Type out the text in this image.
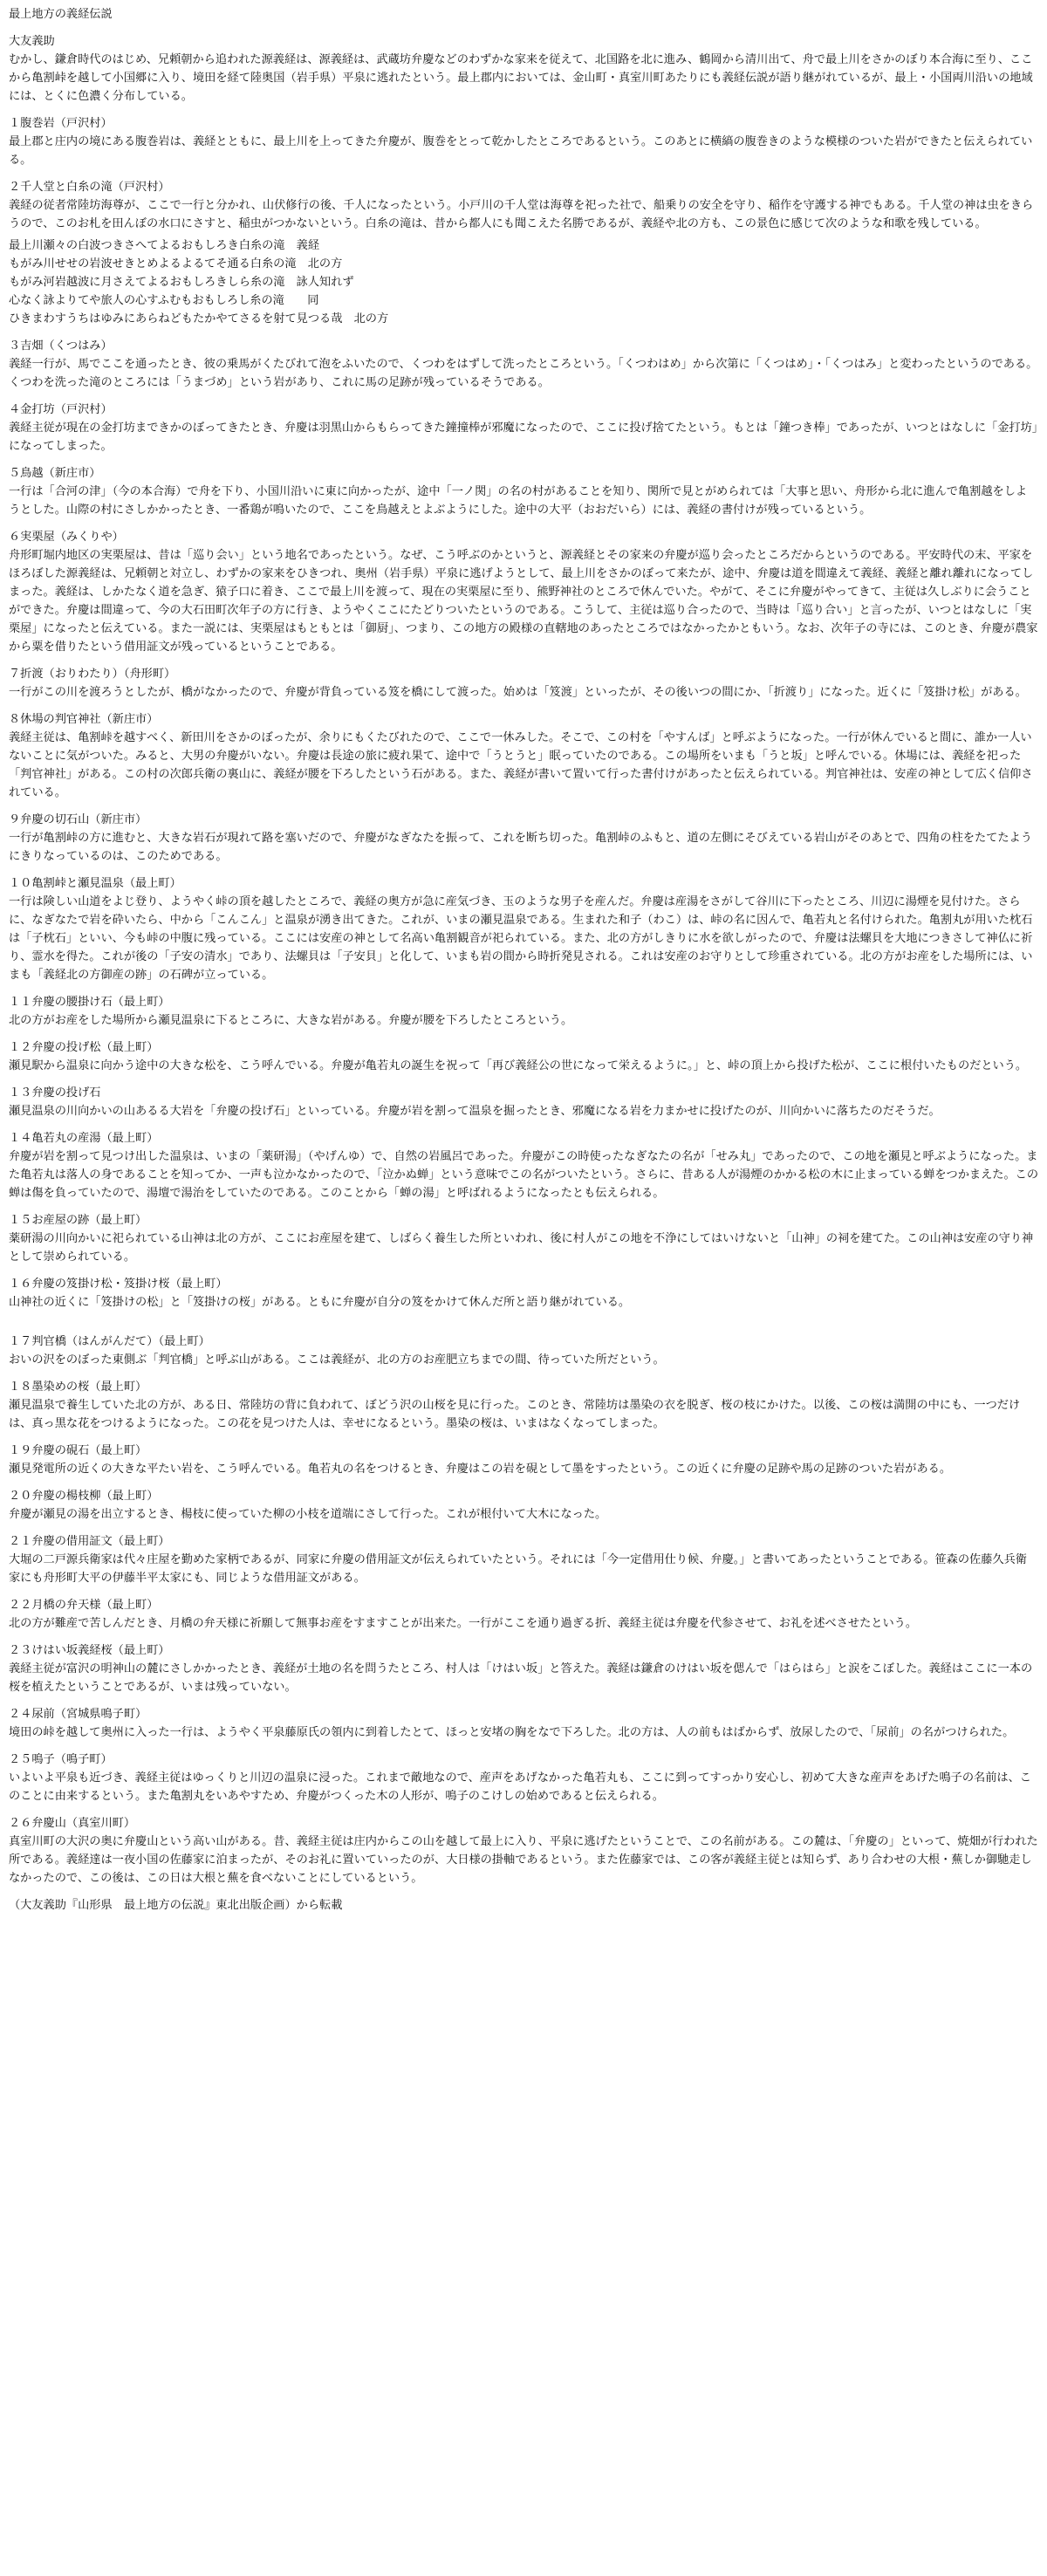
最上地方の義経伝説
大友義助

むかし、鎌倉時代のはじめ、兄頼朝から追われた源義経は、源義経は、武蔵坊弁慶などのわずかな家来を従えて、北国路を北に進み、鶴岡から清川出て、舟で最上川をさかのぼり本合海に至り、ここから亀割峠を越して小国郷に入り、境田を経て陸奥国（岩手県）平泉に逃れたという。最上郡内においては、金山町・真室川町あたりにも義経伝説が語り継がれているが、最上・小国両川沿いの地域には、とくに色濃く分布している。

１腹巻岩（戸沢村）

最上郡と庄内の境にある腹巻岩は、義経とともに、最上川を上ってきた弁慶が、腹巻をとって乾かしたところであるという。このあとに横縞の腹巻きのような模様のついた岩ができたと伝えられている。

２千人堂と白糸の滝（戸沢村）

義経の従者常陸坊海尊が、ここで一行と分かれ、山伏修行の後、千人になったという。小戸川の千人堂は海尊を祀った社で、船乗りの安全を守り、稲作を守護する神でもある。千人堂の神は虫をきらうので、このお札を田んぼの水口にさすと、稲虫がつかないという。白糸の滝は、昔から都人にも聞こえた名勝であるが、義経や北の方も、この景色に感じて次のような和歌を残している。

最上川瀬々の白波つきさへてよるおもしろき白糸の滝　義経

もがみ川せせの岩波せきとめよるよるてそ通る白糸の滝　北の方

もがみ河岩越波に月さえてよるおもしろきしら糸の滝　詠人知れず

心なく詠よりてや旅人の心すふむもおもしろし糸の滝　　同

ひきまわすうちはゆみにあらねどもたかやてさるを射て見つる哉　北の方

３吉畑（くつはみ）

義経一行が、馬でここを通ったとき、彼の乗馬がくたびれて泡をふいたので、くつわをはずして洗ったところという。「くつわはめ」から次第に「くつはめ」・「くつはみ」と変わったというのである。くつわを洗った滝のところには「うまづめ」という岩があり、これに馬の足跡が残っているそうである。

４金打坊（戸沢村）

義経主従が現在の金打坊まできかのぼってきたとき、弁慶は羽黒山からもらってきた鐘撞棒が邪魔になったので、ここに投げ捨てたという。もとは「鐘つき棒」であったが、いつとはなしに「金打坊」になってしまった。

５鳥越（新庄市）

一行は「合河の津」（今の本合海）で舟を下り、小国川沿いに東に向かったが、途中「一ノ関」の名の村があることを知り、関所で見とがめられては「大事と思い、舟形から北に進んで亀割越をしようとした。山際の村にさしかかったとき、一番鶏が鳴いたので、ここを鳥越えとよぶようにした。途中の大平（おおだいら）には、義経の書付けが残っているという。

６実栗屋（みくりや）

舟形町堀内地区の実栗屋は、昔は「巡り会い」という地名であったという。なぜ、こう呼ぶのかというと、源義経とその家来の弁慶が巡り会ったところだからというのである。平安時代の末、平家をほろぼした源義経は、兄頼朝と対立し、わずかの家来をひきつれ、奥州（岩手県）平泉に逃げようとして、最上川をさかのぼって来たが、途中、弁慶は道を間違えて義経、義経と離れ離れになってしまった。義経は、しかたなく道を急ぎ、猿子口に着き、ここで最上川を渡って、現在の実栗屋に至り、熊野神社のところで休んでいた。やがて、そこに弁慶がやってきて、主従は久しぶりに会うことができた。弁慶は間違って、今の大石田町次年子の方に行き、ようやくここにたどりついたというのである。こうして、主従は巡り合ったので、当時は「巡り合い」と言ったが、いつとはなしに「実栗屋」になったと伝えている。また一説には、実栗屋はもともとは「御厨」、つまり、この地方の殿様の直轄地のあったところではなかったかともいう。なお、次年子の寺には、このとき、弁慶が農家から粟を借りたという借用証文が残っているということである。

７折渡（おりわたり）（舟形町）

一行がこの川を渡ろうとしたが、橋がなかったので、弁慶が背負っている笈を橋にして渡った。始めは「笈渡」といったが、その後いつの間にか、「折渡り」になった。近くに「笈掛け松」がある。

８休場の判官神社（新庄市）

義経主従は、亀割峠を越すべく、新田川をさかのぼったが、余りにもくたびれたので、ここで一休みした。そこで、この村を「やすんば」と呼ぶようになった。一行が休んでいると間に、誰か一人いないことに気がついた。みると、大男の弁慶がいない。弁慶は長途の旅に疲れ果て、途中で「うとうと」眠っていたのである。この場所をいまも「うと坂」と呼んでいる。休場には、義経を祀った「判官神社」がある。この村の次郎兵衛の裏山に、義経が腰を下ろしたという石がある。また、義経が書いて置いて行った書付けがあったと伝えられている。判官神社は、安産の神として広く信仰されている。

９弁慶の切石山（新庄市）

一行が亀割峠の方に進むと、大きな岩石が現れて路を塞いだので、弁慶がなぎなたを振って、これを断ち切った。亀割峠のふもと、道の左側にそびえている岩山がそのあとで、四角の柱をたてたようにきりなっているのは、このためである。

１０亀割峠と瀬見温泉（最上町）

一行は険しい山道をよじ登り、ようやく峠の頂を越したところで、義経の奥方が急に産気づき、玉のような男子を産んだ。弁慶は産湯をさがして谷川に下ったところ、川辺に湯煙を見付けた。さらに、なぎなたで岩を砕いたら、中から「こんこん」と温泉が湧き出てきた。これが、いまの瀬見温泉である。生まれた和子（わこ）は、峠の名に因んで、亀若丸と名付けられた。亀割丸が用いた枕石は「子枕石」といい、今も峠の中腹に残っている。ここには安産の神として名高い亀割観音が祀られている。また、北の方がしきりに水を欲しがったので、弁慶は法螺貝を大地につきさして神仏に祈り、霊水を得た。これが後の「子安の清水」であり、法螺貝は「子安貝」と化して、いまも岩の間から時折発見される。これは安産のお守りとして珍重されている。北の方がお産をした場所には、いまも「義経北の方御産の跡」の石碑が立っている。

１１弁慶の腰掛け石（最上町）

北の方がお産をした場所から瀬見温泉に下るところに、大きな岩がある。弁慶が腰を下ろしたところという。

１２弁慶の投げ松（最上町）

瀬見駅から温泉に向かう途中の大きな松を、こう呼んでいる。弁慶が亀若丸の誕生を祝って「再び義経公の世になって栄えるように。」と、峠の頂上から投げた松が、ここに根付いたものだという。

１３弁慶の投げ石

瀬見温泉の川向かいの山あるる大岩を「弁慶の投げ石」といっている。弁慶が岩を割って温泉を掘ったとき、邪魔になる岩を力まかせに投げたのが、川向かいに落ちたのだそうだ。

１４亀若丸の産湯（最上町）

弁慶が岩を割って見つけ出した温泉は、いまの「薬研湯」（やげんゆ）で、自然の岩風呂であった。弁慶がこの時使ったなぎなたの名が「せみ丸」であったので、この地を瀬見と呼ぶようになった。また亀若丸は落人の身であることを知ってか、一声も泣かなかったので、「泣かぬ蝉」という意味でこの名がついたという。さらに、昔ある人が湯煙のかかる松の木に止まっている蝉をつかまえた。この蝉は傷を負っていたので、湯壇で湯治をしていたのである。このことから「蝉の湯」と呼ばれるようになったとも伝えられる。

１５お産屋の跡（最上町）

薬研湯の川向かいに祀られている山神は北の方が、ここにお産屋を建て、しばらく養生した所といわれ、後に村人がこの地を不浄にしてはいけないと「山神」の祠を建てた。この山神は安産の守り神として崇められている。

１６弁慶の笈掛け松・笈掛け桜（最上町）

山神社の近くに「笈掛けの松」と「笈掛けの桜」がある。ともに弁慶が自分の笈をかけて休んだ所と語り継がれている。

１７判官橋（はんがんだて）（最上町）

おいの沢をのぼった東側ぶ「判官橋」と呼ぶ山がある。ここは義経が、北の方のお産肥立ちまでの間、待っていた所だという。

１８墨染めの桜（最上町）

瀬見温泉で養生していた北の方が、ある日、常陸坊の背に負われて、ぼどう沢の山桜を見に行った。このとき、常陸坊は墨染の衣を脱ぎ、桜の枝にかけた。以後、この桜は満開の中にも、一つだけは、真っ黒な花をつけるようになった。この花を見つけた人は、幸せになるという。墨染の桜は、いまはなくなってしまった。

１９弁慶の硯石（最上町）

瀬見発電所の近くの大きな平たい岩を、こう呼んでいる。亀若丸の名をつけるとき、弁慶はこの岩を硯として墨をすったという。この近くに弁慶の足跡や馬の足跡のついた岩がある。

２０弁慶の楊枝柳（最上町）

弁慶が瀬見の湯を出立するとき、楊枝に使っていた柳の小枝を道端にさして行った。これが根付いて大木になった。

２１弁慶の借用証文（最上町）

大堀の二戸源兵衛家は代々庄屋を勤めた家柄であるが、同家に弁慶の借用証文が伝えられていたという。それには「今一定借用仕り候、弁慶。」と書いてあったということである。笹森の佐藤久兵衛家にも舟形町大平の伊藤半平太家にも、同じような借用証文がある。

２２月橋の弁天様（最上町）

北の方が難産で苦しんだとき、月橋の弁天様に祈願して無事お産をすますことが出来た。一行がここを通り過ぎる折、義経主従は弁慶を代参させて、お礼を述べさせたという。

２３けはい坂義経桜（最上町）

義経主従が富沢の明神山の麓にさしかかったとき、義経が土地の名を問うたところ、村人は「けはい坂」と答えた。義経は鎌倉のけはい坂を偲んで「はらはら」と涙をこぼした。義経はここに一本の桜を植えたということであるが、いまは残っていない。

２４尿前（宮城県鳴子町）

境田の峠を越して奥州に入った一行は、ようやく平泉藤原氏の領内に到着したとて、ほっと安堵の胸をなで下ろした。北の方は、人の前もはばからず、放尿したので、「尿前」の名がつけられた。

２５鳴子（鳴子町）

いよいよ平泉も近づき、義経主従はゆっくりと川辺の温泉に浸った。これまで敵地なので、産声をあげなかった亀若丸も、ここに到ってすっかり安心し、初めて大きな産声をあげた鳴子の名前は、このことに由来するという。また亀割丸をいあやすため、弁慶がつくった木の人形が、鳴子のこけしの始めであると伝えられる。

２６弁慶山（真室川町）

真室川町の大沢の奥に弁慶山という高い山がある。昔、義経主従は庄内からこの山を越して最上に入り、平泉に逃げたということで、この名前がある。この麓は、「弁慶の」といって、焼畑が行われた所である。義経達は一夜小国の佐藤家に泊まったが、そのお礼に置いていったのが、大日様の掛軸であるという。また佐藤家では、この客が義経主従とは知らず、あり合わせの大根・蕪しか御馳走しなかったので、この後は、この日は大根と蕪を食べないことにしているという。

（大友義助『山形県　最上地方の伝説』東北出版企画）から転載
